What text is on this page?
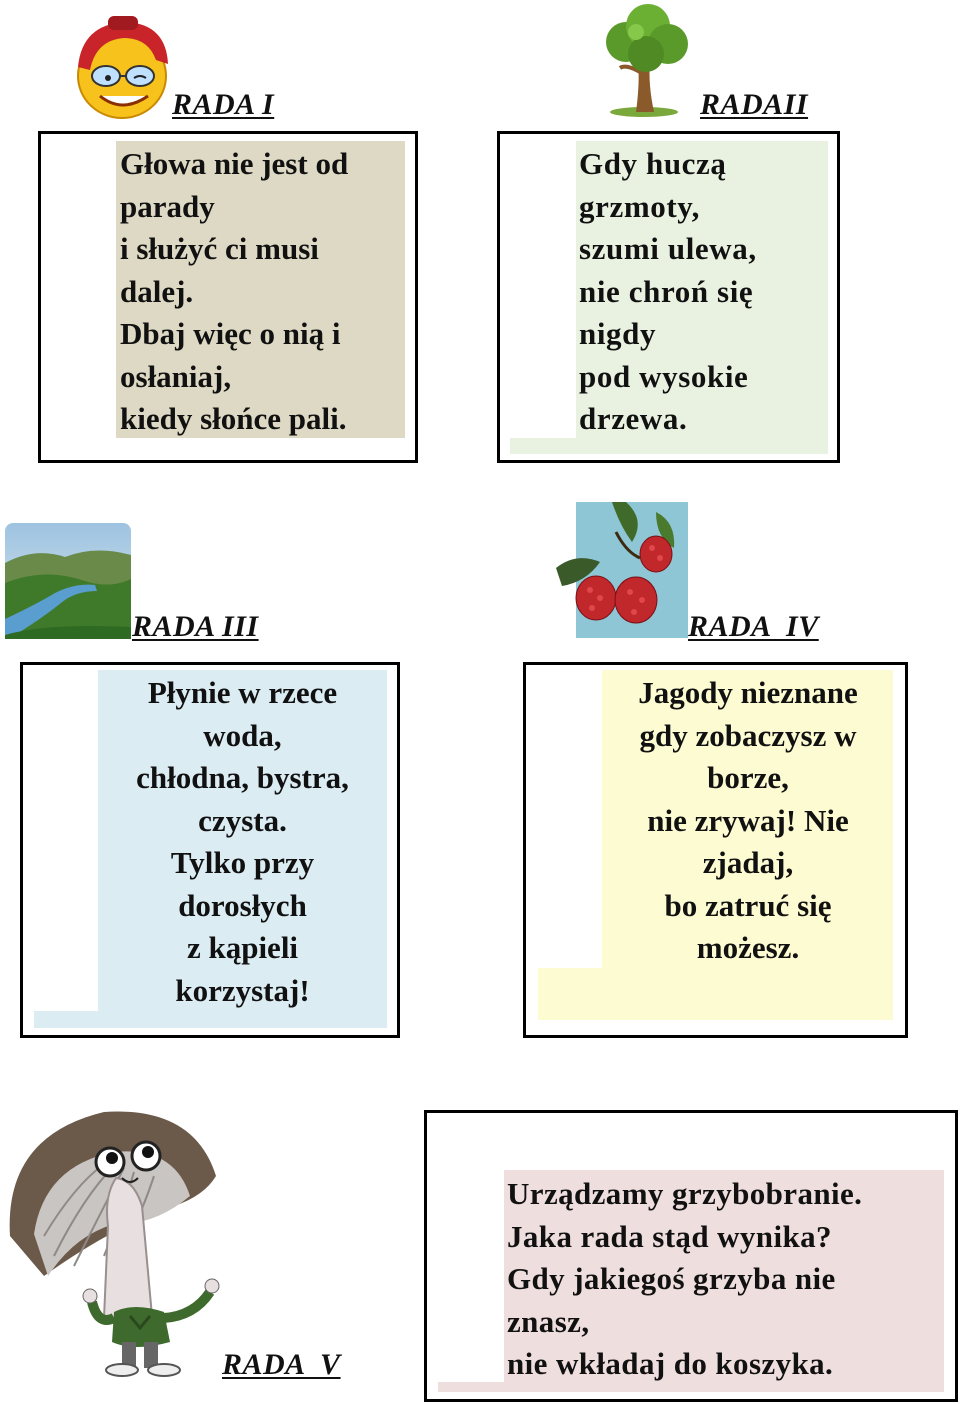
RADA I
Głowa nie jest od
parady
i służyć ci musi
dalej.
Dbaj więc o nią i
osłaniaj,
kiedy słońce pali.
RADAII
Gdy huczą
grzmoty,
szumi ulewa,
nie chroń się
nigdy
pod wysokie
drzewa.
RADA III
Płynie w rzece
woda,
chłodna, bystra,
czysta.
Tylko przy
dorosłych
z kąpieli
korzystaj!
RADA  IV
Jagody nieznane
gdy zobaczysz w
borze,
nie zrywaj! Nie
zjadaj,
bo zatruć się
możesz.
RADA  V
Urządzamy grzybobranie.
Jaka rada stąd wynika?
Gdy jakiegoś grzyba nie
znasz,
nie wkładaj do koszyka.
